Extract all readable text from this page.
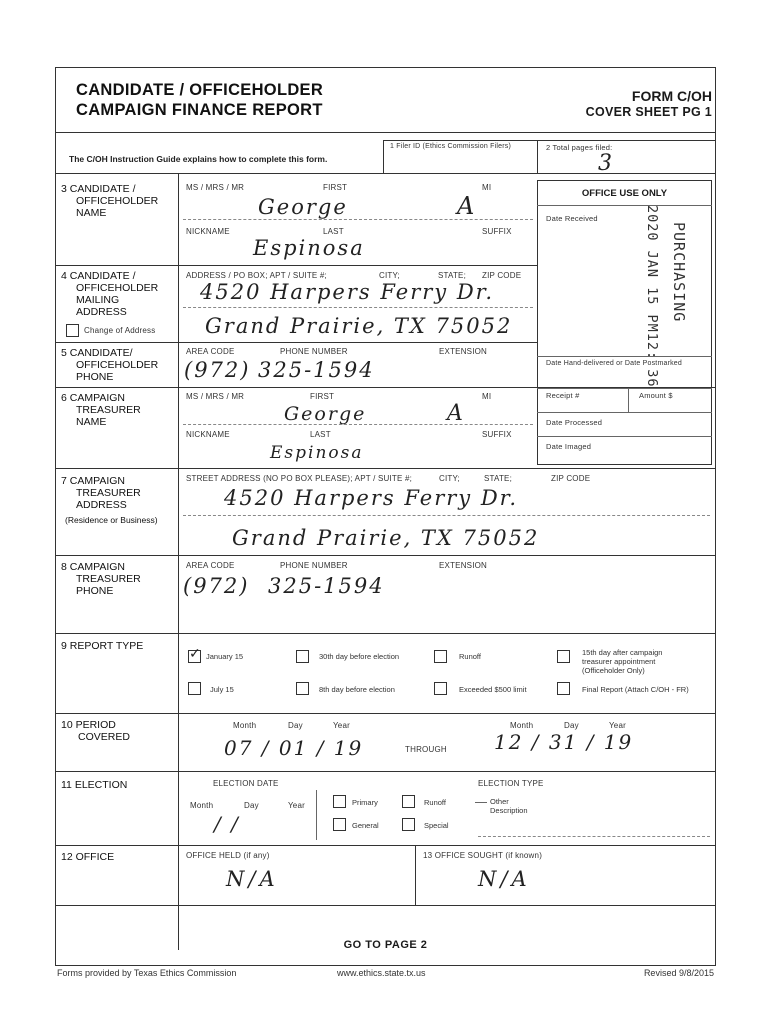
CANDIDATE / OFFICEHOLDER
CAMPAIGN FINANCE REPORT
FORM C/OH
COVER SHEET PG 1
The C/OH Instruction Guide explains how to complete this form.
1 Filer ID (Ethics Commission Filers)	2 Total pages filed:
3
OFFICE USE ONLY
Date Received
PURCHASING
2020 JAN 15 PM12: 36
Date Hand-delivered or Date Postmarked
Receipt #	Amount $
Date Processed
Date Imaged
3 CANDIDATE /
OFFICEHOLDER
NAME
MS / MRS / MR	FIRST	MI
George	A
NICKNAME	LAST	SUFFIX
Espinosa
4 CANDIDATE /
OFFICEHOLDER
MAILING
ADDRESS
Change of Address
ADDRESS / PO BOX; APT / SUITE #;	CITY;	STATE; ZIP CODE
4520 Harpers Ferry Dr.
Grand Prairie, TX 75052
5 CANDIDATE/
OFFICEHOLDER
PHONE
AREA CODE	PHONE NUMBER	EXTENSION
(972) 325-1594
6 CAMPAIGN
TREASURER
NAME
MS / MRS / MR	FIRST	MI
George	A
NICKNAME	LAST	SUFFIX
Espinosa
7 CAMPAIGN
TREASURER
ADDRESS
(Residence or Business)
STREET ADDRESS (NO PO BOX PLEASE); APT / SUITE #;	CITY;	STATE;	ZIP CODE
4520 Harpers Ferry Dr.
Grand Prairie, TX 75052
8 CAMPAIGN
TREASURER
PHONE
AREA CODE	PHONE NUMBER	EXTENSION
(972) 325-1594
9 REPORT TYPE	✓ January 15	30th day before election	Runoff	15th day after campaign
treasurer appointment
(Officeholder Only)
July 15	8th day before election	Exceeded $500 limit	Final Report (Attach C/OH - FR)
10 PERIOD
COVERED
Month	Day	Year
07 / 01 / 19	THROUGH
Month	Day	Year
12 / 31 / 19
11 ELECTION	ELECTION DATE	ELECTION TYPE
Month	Day	Year
/ /
Primary	Runoff	Other
Description
General	Special
12 OFFICE	OFFICE HELD (if any)
N/A
13 OFFICE SOUGHT (if known)
N/A
GO TO PAGE 2
Forms provided by Texas Ethics Commission	www.ethics.state.tx.us	Revised 9/8/2015
